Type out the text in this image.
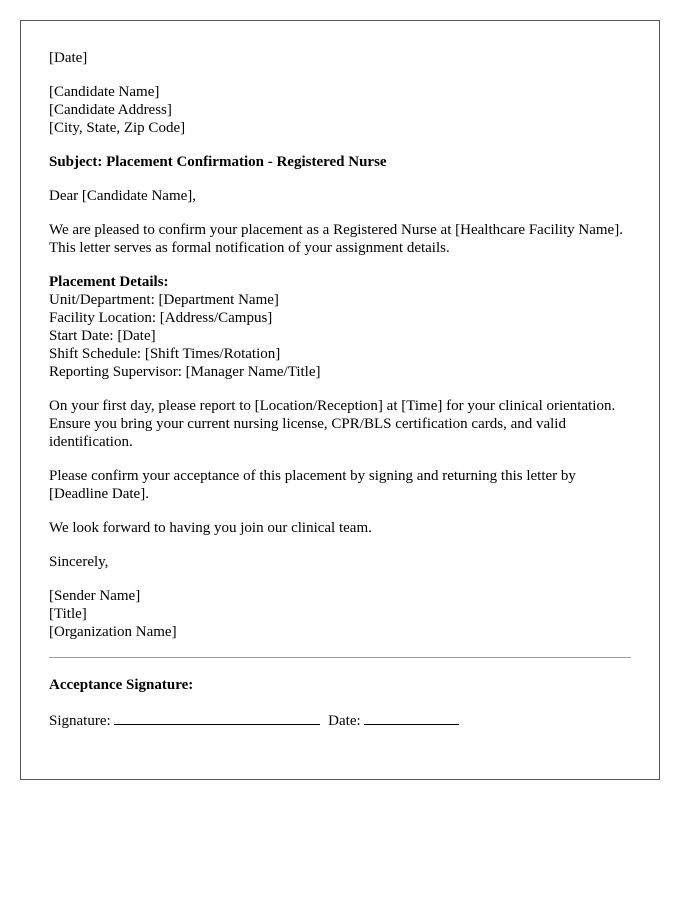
[Date]
[Candidate Name]
[Candidate Address]
[City, State, Zip Code]
Subject: Placement Confirmation - Registered Nurse
Dear [Candidate Name],
We are pleased to confirm your placement as a Registered Nurse at [Healthcare Facility Name]. This letter serves as formal notification of your assignment details.
Placement Details:
Unit/Department: [Department Name]
Facility Location: [Address/Campus]
Start Date: [Date]
Shift Schedule: [Shift Times/Rotation]
Reporting Supervisor: [Manager Name/Title]
On your first day, please report to [Location/Reception] at [Time] for your clinical orientation. Ensure you bring your current nursing license, CPR/BLS certification cards, and valid identification.
Please confirm your acceptance of this placement by signing and returning this letter by [Deadline Date].
We look forward to having you join our clinical team.
Sincerely,
[Sender Name]
[Title]
[Organization Name]
Acceptance Signature:
Signature:	Date:
